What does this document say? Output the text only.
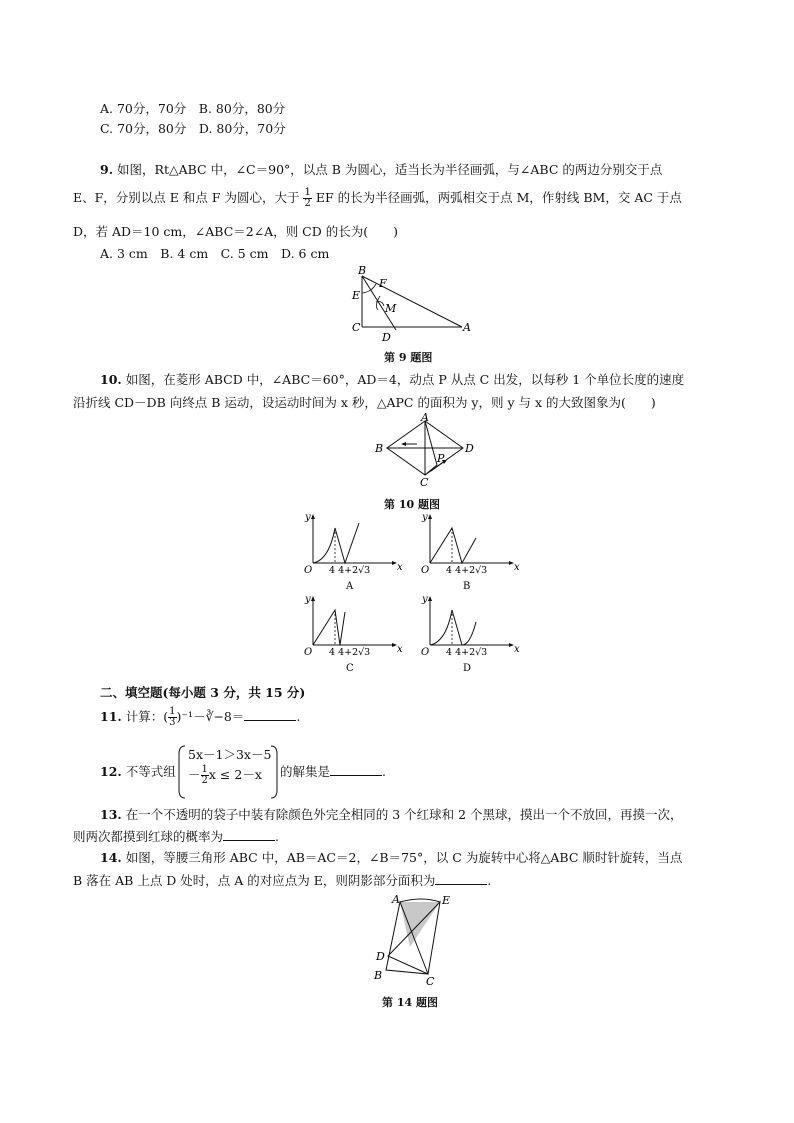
A. 70分，70分　B. 80分，80分
C. 70分，80分　D. 80分，70分
9. 如图，Rt△ABC 中，∠C＝90°，以点 B 为圆心，适当长为半径画弧，与∠ABC 的两边分别交于点
E、F，分别以点 E 和点 F 为圆心，大于 $\frac{1}{2}$ EF 的长为半径画弧，两弧相交于点 M，作射线 BM，交 AC 于点
D，若 AD＝10 cm，∠ABC＝2∠A，则 CD 的长为(　　)
A. 3 cm　B. 4 cm　C. 5 cm　D. 6 cm
B
F
E
M
C
D
A
第 9 题图
10. 如图，在菱形 ABCD 中，∠ABC＝60°，AD＝4，动点 P 从点 C 出发，以每秒 1 个单位长度的速度
沿折线 CD－DB 向终点 B 运动，设运动时间为 x 秒，△APC 的面积为 y，则 y 与 x 的大致图象为(　　)
A
B	D
C
P
第 10 题图
y
x
O 4 4+2√3
A
y
x
O 4 4+2√3
B
y
x
O 4 4+2√3
C
y
x
O 4 4+2√3
D
二、填空题(每小题 3 分，共 15 分)
11. 计算：( $\frac{1}{3}$ )⁻¹－∛−8＝	.
12. 不等式组
5x－1＞3x－5
－ $\frac{1}{2}$ x ≤ 2－x 的解集是	.
13. 在一个不透明的袋子中装有除颜色外完全相同的 3 个红球和 2 个黑球，摸出一个不放回，再摸一次，
则两次都摸到红球的概率为	.
14. 如图，等腰三角形 ABC 中，AB＝AC＝2，∠B＝75°，以 C 为旋转中心将△ABC 顺时针旋转，当点
B 落在 AB 上点 D 处时，点 A 的对应点为 E，则阴影部分面积为	.
A	E
D
B	C
第 14 题图
